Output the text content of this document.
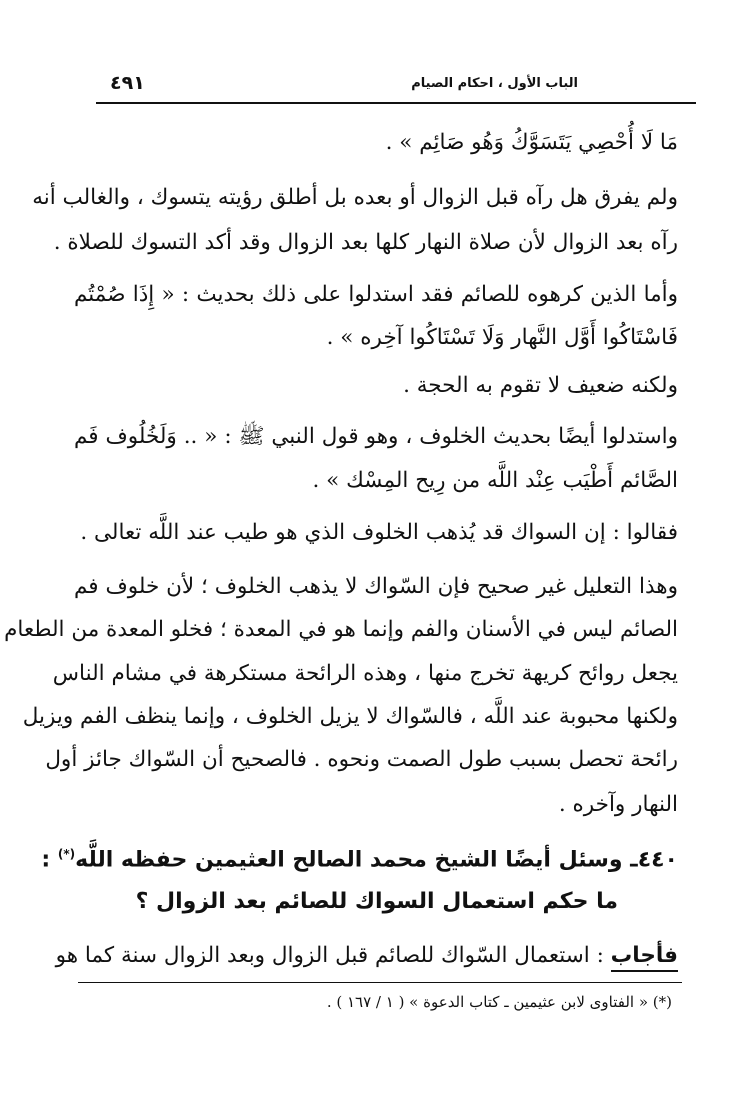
الباب الأول ، احكام الصيام
٤٩١
مَا لَا أُحْصِي يَتَسَوَّكُ وَهُو صَائِم » .
ولم يفرق هل رآه قبل الزوال أو بعده بل أطلق رؤيته يتسوك ، والغالب أنه
رآه بعد الزوال لأن صلاة النهار كلها بعد الزوال وقد أكد التسوك للصلاة .
وأما الذين كرهوه للصائم فقد استدلوا على ذلك بحديث : « إِذَا صُمْتُم
فَاسْتَاكُوا أَوَّل النَّهار وَلَا تَسْتَاكُوا آخِره » .
ولكنه ضعيف لا تقوم به الحجة .
واستدلوا أيضًا بحديث الخلوف ، وهو قول النبي ﷺ : « .. وَلَخُلُوف فَم
الصَّائم أَطْيَب عِنْد اللَّه من رِيح المِسْك » .
فقالوا : إن السواك قد يُذهب الخلوف الذي هو طيب عند اللَّه تعالى .
وهذا التعليل غير صحيح فإن السّواك لا يذهب الخلوف ؛ لأن خلوف فم
الصائم ليس في الأسنان والفم وإنما هو في المعدة ؛ فخلو المعدة من الطعام
يجعل روائح كريهة تخرج منها ، وهذه الرائحة مستكرهة في مشام الناس
ولكنها محبوبة عند اللَّه ، فالسّواك لا يزيل الخلوف ، وإنما ينظف الفم ويزيل
رائحة تحصل بسبب طول الصمت ونحوه . فالصحيح أن السّواك جائز أول
النهار وآخره .
٤٤٠ـ وسئل أيضًا الشيخ محمد الصالح العثيمين حفظه اللَّه(*) :
ما حكم استعمال السواك للصائم بعد الزوال ؟
فأجاب : استعمال السّواك للصائم قبل الزوال وبعد الزوال سنة كما هو
(*) « الفتاوى لابن عثيمين ـ كتاب الدعوة » ( ١ / ١٦٧ ) .
